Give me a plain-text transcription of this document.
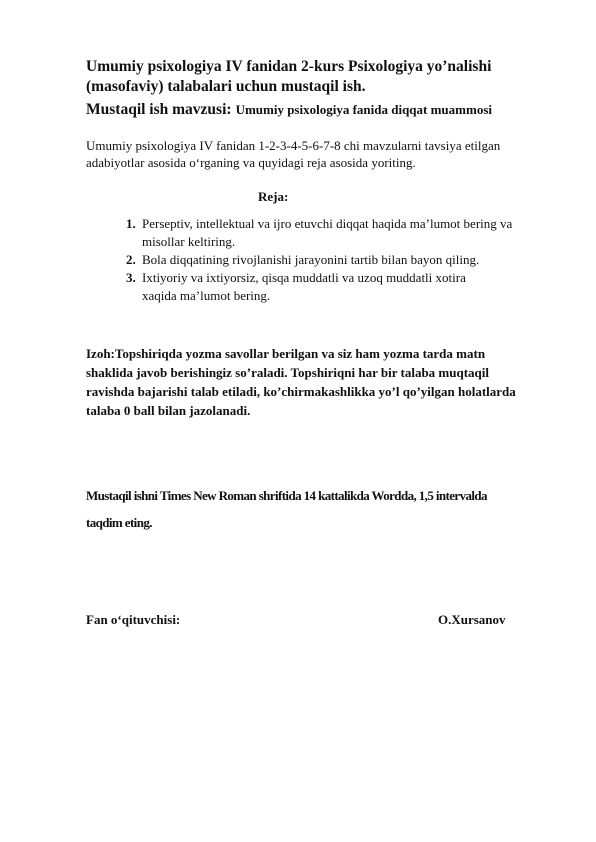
Umumiy psixologiya IV fanidan 2-kurs Psixologiya yo’nalishi
(masofaviy) talabalari uchun mustaqil ish.
Mustaqil ish mavzusi: Umumiy psixologiya fanida diqqat muammosi
Umumiy psixologiya IV fanidan 1-2-3-4-5-6-7-8 chi mavzularni tavsiya etilgan
adabiyotlar asosida o‘rganing va quyidagi reja asosida yoriting.
Reja:
1. Perseptiv, intellektual va ijro etuvchi diqqat haqida ma’lumot bering va
misollar keltiring.
2. Bola diqqatining rivojlanishi jarayonini tartib bilan bayon qiling.
3. Ixtiyoriy va ixtiyorsiz, qisqa muddatli va uzoq muddatli xotira
xaqida ma’lumot bering.
Izoh:Topshiriqda yozma savollar berilgan va siz ham yozma tarda matn
shaklida javob berishingiz so’raladi. Topshiriqni har bir talaba muqtaqil
ravishda bajarishi talab etiladi, ko’chirmakashlikka yo’l qo’yilgan holatlarda
talaba 0 ball bilan jazolanadi.
Mustaqil ishni Times New Roman shriftida 14 kattalikda Wordda, 1,5 intervalda
taqdim eting.
Fan o‘qituvchisi:	O.Xursanov
